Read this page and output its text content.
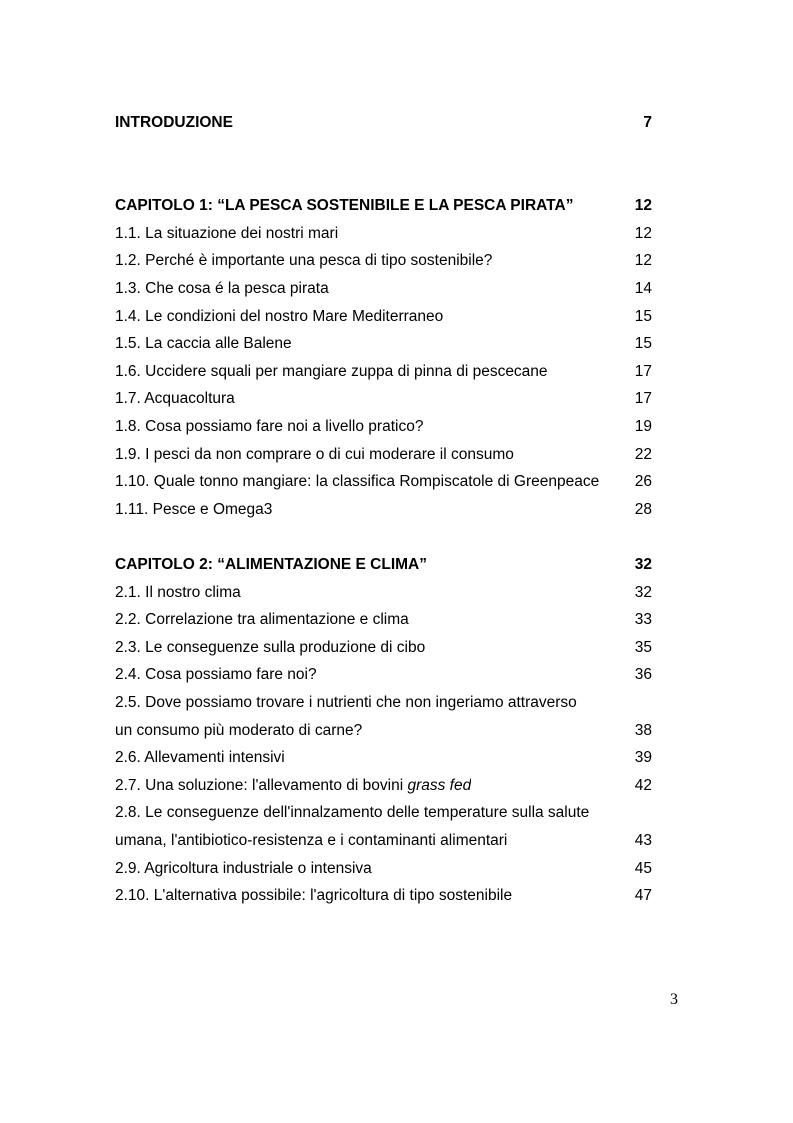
INTRODUZIONE	7
CAPITOLO 1: “LA PESCA SOSTENIBILE E LA PESCA PIRATA”	12
1.1. La situazione dei nostri mari	12
1.2. Perché è importante una pesca di tipo sostenibile?	12
1.3. Che cosa é la pesca pirata	14
1.4. Le condizioni del nostro Mare Mediterraneo	15
1.5. La caccia alle Balene	15
1.6. Uccidere squali per mangiare zuppa di pinna di pescecane	17
1.7. Acquacoltura	17
1.8. Cosa possiamo fare noi a livello pratico?	19
1.9. I pesci da non comprare o di cui moderare il consumo	22
1.10. Quale tonno mangiare: la classifica Rompiscatole di Greenpeace	26
1.11. Pesce e Omega3	28
CAPITOLO 2: “ALIMENTAZIONE E CLIMA”	32
2.1. Il nostro clima	32
2.2. Correlazione tra alimentazione e clima	33
2.3. Le conseguenze sulla produzione di cibo	35
2.4. Cosa possiamo fare noi?	36
2.5. Dove possiamo trovare i nutrienti che non ingeriamo attraverso
un consumo più moderato di carne?	38
2.6. Allevamenti intensivi	39
2.7. Una soluzione: l'allevamento di bovini grass fed	42
2.8. Le conseguenze dell'innalzamento delle temperature sulla salute
umana, l'antibiotico-resistenza e i contaminanti alimentari	43
2.9. Agricoltura industriale o intensiva	45
2.10. L'alternativa possibile: l'agricoltura di tipo sostenibile	47
3
